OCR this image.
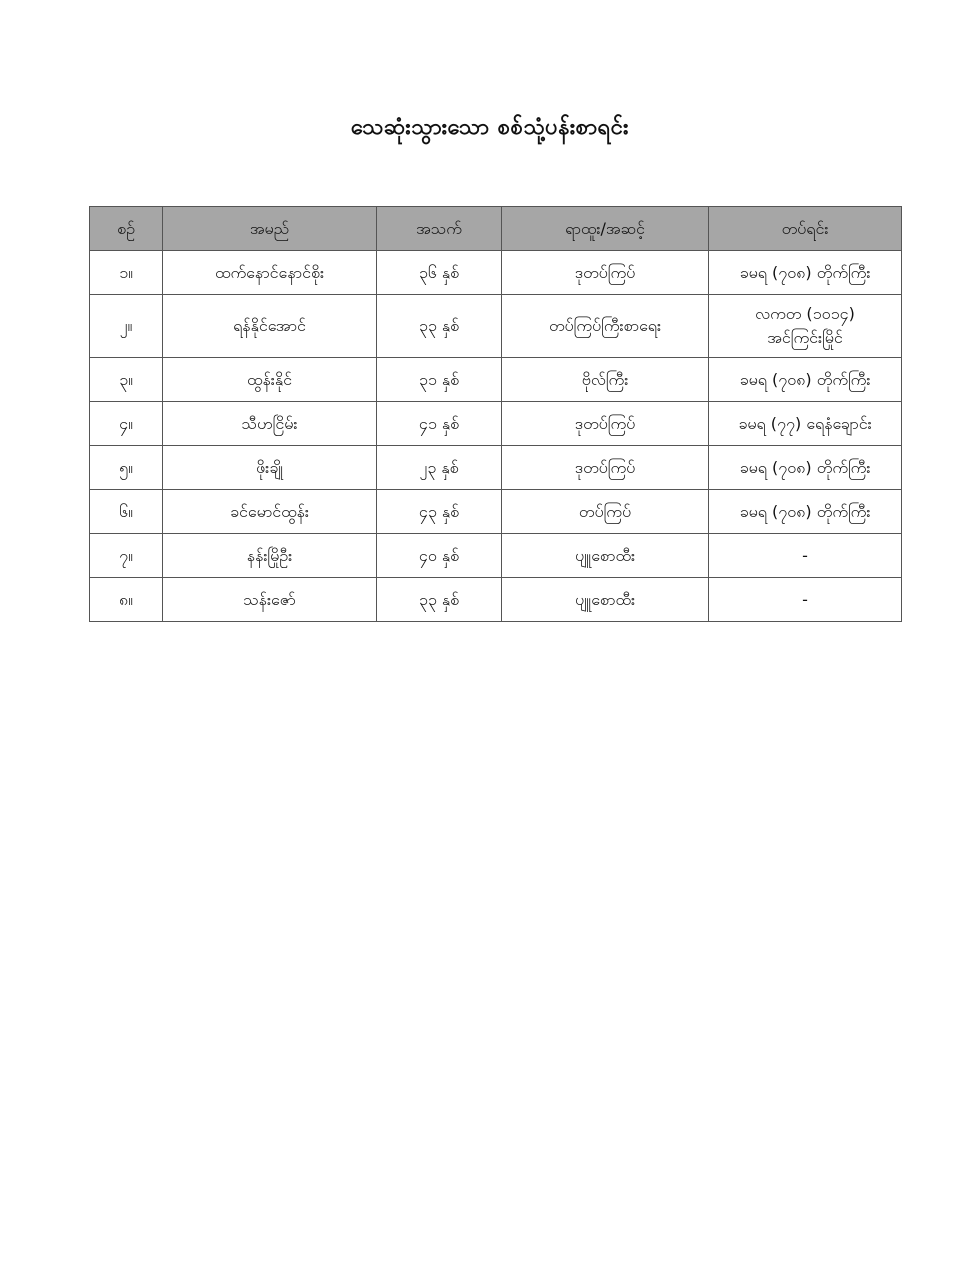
သေဆုံးသွားသော စစ်သုံ့ပန်းစာရင်း
စဥ်	အမည်	အသက်	ရာထူး/အဆင့်	တပ်ရင်း
၁။	ထက်နောင်နောင်စိုး	၃၆ နှစ်	ဒုတပ်ကြပ်	ခမရ (၇၀၈) တိုက်ကြီး

၂။	ရန်နိုင်အောင်	၃၃ နှစ်	တပ်ကြပ်ကြီးစာရေး	လကတ (၁၀၁၄)
အင်ကြင်းမြိုင်

၃။	ထွန်းနိုင်	၃၁ နှစ်	ဗိုလ်ကြီး	ခမရ (၇၀၈) တိုက်ကြီး

၄။	သီဟငြိမ်း	၄၁ နှစ်	ဒုတပ်ကြပ်	ခမရ (၇၇) ရေနံချောင်း

၅။	ဖိုးချို	၂၃ နှစ်	ဒုတပ်ကြပ်	ခမရ (၇၀၈) တိုက်ကြီး

၆။	ခင်မောင်ထွန်း	၄၃ နှစ်	တပ်ကြပ်	ခမရ (၇၀၈) တိုက်ကြီး

၇။	နန်းမြိုဦး	၄၀ နှစ်	ပျူစောထီး	-

၈။	သန်းဇော်	၃၃ နှစ်	ပျူစောထီး	-
